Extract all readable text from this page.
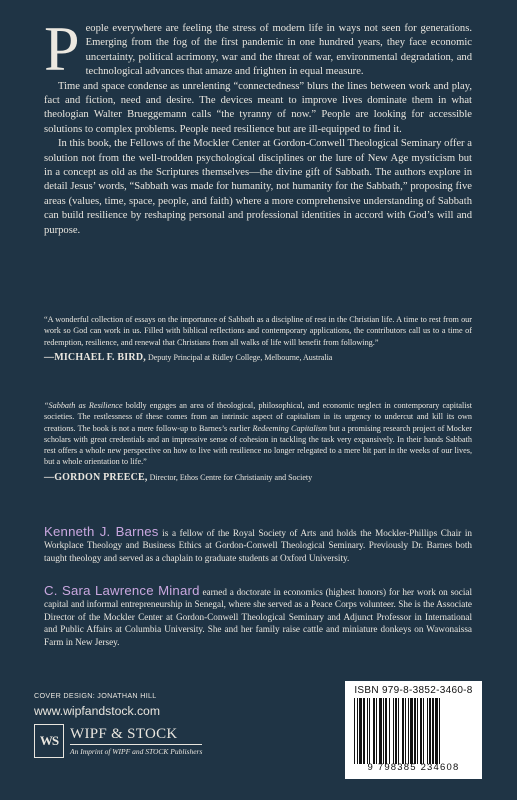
People everywhere are feeling the stress of modern life in ways not seen for generations. Emerging from the fog of the first pandemic in one hundred years, they face economic uncertainty, political acrimony, war and the threat of war, environmental degradation, and technological advances that amaze and frighten in equal measure.

Time and space condense as unrelenting “connectedness” blurs the lines between work and play, fact and fiction, need and desire. The devices meant to improve lives dominate them in what theologian Walter Brueggemann calls “the tyranny of now.” People are looking for accessible solutions to complex problems. People need resilience but are ill-equipped to find it.

In this book, the Fellows of the Mockler Center at Gordon-Conwell Theological Seminary offer a solution not from the well-trodden psychological disciplines or the lure of New Age mysticism but in a concept as old as the Scriptures themselves—the divine gift of Sabbath. The authors explore in detail Jesus’ words, “Sabbath was made for humanity, not humanity for the Sabbath,” proposing five areas (values, time, space, people, and faith) where a more comprehensive understanding of Sabbath can build resilience by reshaping personal and professional identities in accord with God’s will and purpose.

“A wonderful collection of essays on the importance of Sabbath as a discipline of rest in the Christian life. A time to rest from our work so God can work in us. Filled with biblical reflections and contemporary applications, the contributors call us to a time of redemption, resilience, and renewal that Christians from all walks of life will benefit from following.”

—MICHAEL F. BIRD, Deputy Principal at Ridley College, Melbourne, Australia

“Sabbath as Resilience boldly engages an area of theological, philosophical, and economic neglect in contemporary capitalist societies. The restlessness of these comes from an intrinsic aspect of capitalism in its urgency to undercut and kill its own creations. The book is not a mere follow-up to Barnes’s earlier Redeeming Capitalism but a promising research project of Mocker scholars with great credentials and an impressive sense of cohesion in tackling the task very expansively. In their hands Sabbath rest offers a whole new perspective on how to live with resilience no longer relegated to a mere bit part in the weeks of our lives, but a whole orientation to life.”

—GORDON PREECE, Director, Ethos Centre for Christianity and Society

Kenneth J. Barnes is a fellow of the Royal Society of Arts and holds the Mockler-Phillips Chair in Workplace Theology and Business Ethics at Gordon-Conwell Theological Seminary. Previously Dr. Barnes both taught theology and served as a chaplain to graduate students at Oxford University.

C. Sara Lawrence Minard earned a doctorate in economics (highest honors) for her work on social capital and informal entrepreneurship in Senegal, where she served as a Peace Corps volunteer. She is the Associate Director of the Mockler Center at Gordon-Conwell Theological Seminary and Adjunct Professor in International and Public Affairs at Columbia University. She and her family raise cattle and miniature donkeys on Wawonaissa Farm in New Jersey.

COVER DESIGN: JONATHAN HILL
www.wipfandstock.com
WS WIPF & STOCK
An Imprint of WIPF and STOCK Publishers
ISBN 979-8-3852-3460-8
9 798385 234608
